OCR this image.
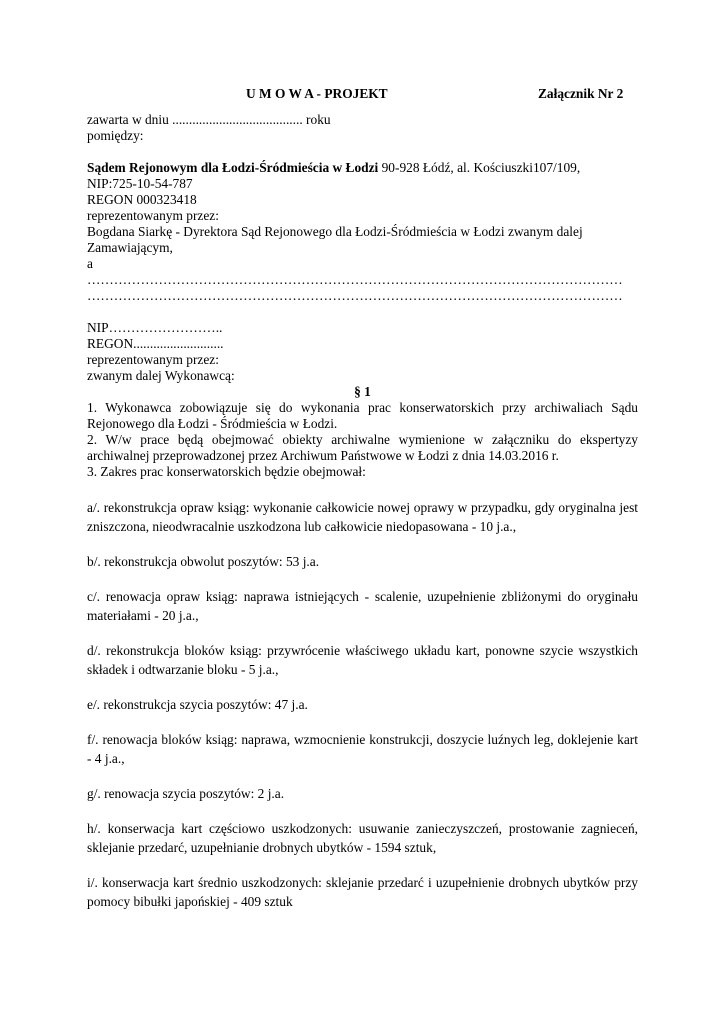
U M O W A - PROJEKT	Załącznik Nr 2
zawarta w dniu ....................................... roku
pomiędzy:
Sądem Rejonowym dla Łodzi-Śródmieścia w Łodzi 90-928 Łódź, al. Kościuszki107/109,
NIP:725-10-54-787
REGON 000323418
reprezentowanym przez:
Bogdana Siarkę - Dyrektora Sąd Rejonowego dla Łodzi-Śródmieścia w Łodzi zwanym dalej
Zamawiającym,
a
…………………………………………………………………………………………………………
…………………………………………………………………………………………………………
NIP……………………..
REGON...........................
reprezentowanym przez:
zwanym dalej Wykonawcą:
§ 1
1. Wykonawca zobowiązuje się do wykonania prac konserwatorskich przy archiwaliach Sądu Rejonowego dla Łodzi - Śródmieścia w Łodzi.
2. W/w prace będą obejmować obiekty archiwalne wymienione w załączniku do ekspertyzy archiwalnej przeprowadzonej przez Archiwum Państwowe w Łodzi z dnia 14.03.2016 r.
3. Zakres prac konserwatorskich będzie obejmował:
a/. rekonstrukcja opraw ksiąg: wykonanie całkowicie nowej oprawy w przypadku, gdy oryginalna jest zniszczona, nieodwracalnie uszkodzona lub całkowicie niedopasowana - 10 j.a.,
b/. rekonstrukcja obwolut poszytów: 53 j.a.
c/. renowacja opraw ksiąg: naprawa istniejących - scalenie, uzupełnienie zbliżonymi do oryginału materiałami - 20 j.a.,
d/. rekonstrukcja bloków ksiąg: przywrócenie właściwego układu kart, ponowne szycie wszystkich składek i odtwarzanie bloku - 5 j.a.,
e/. rekonstrukcja szycia poszytów: 47 j.a.
f/. renowacja bloków ksiąg: naprawa, wzmocnienie konstrukcji, doszycie luźnych leg, doklejenie kart - 4 j.a.,
g/. renowacja szycia poszytów: 2 j.a.
h/. konserwacja kart częściowo uszkodzonych: usuwanie zanieczyszczeń, prostowanie zagnieceń, sklejanie przedarć, uzupełnianie drobnych ubytków - 1594 sztuk,
i/. konserwacja kart średnio uszkodzonych: sklejanie przedarć i uzupełnienie drobnych ubytków przy pomocy bibułki japońskiej - 409 sztuk
